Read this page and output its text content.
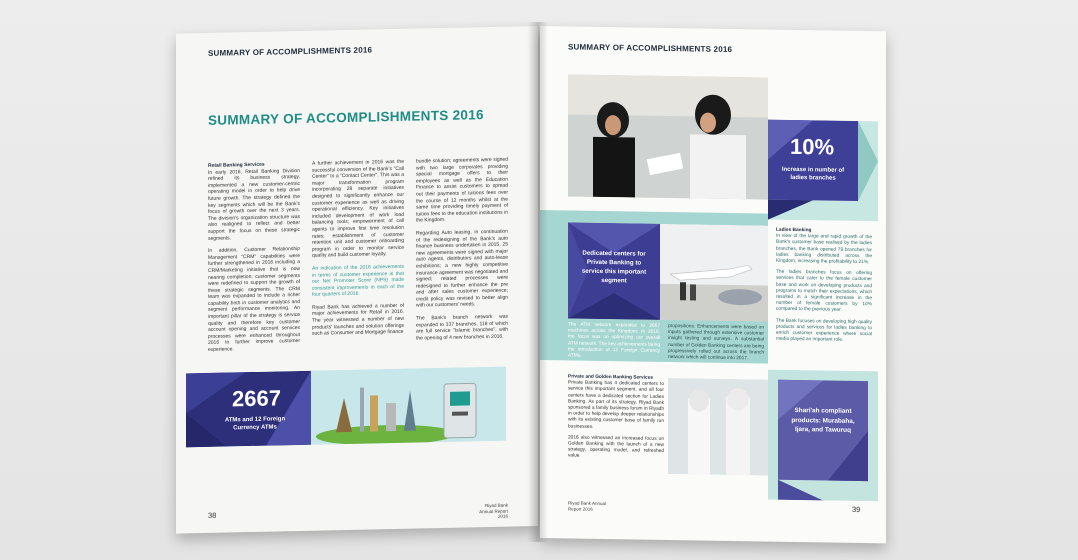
SUMMARY OF ACCOMPLISHMENTS 2016
SUMMARY OF ACCOMPLISHMENTS 2016
Retail Banking Services
In early 2016, Retail Banking Division refined its business strategy, implemented a new customer-centric operating model in order to help drive future growth. The strategy defined the key segments which will be the Bank's focus of growth over the next 3 years. The division's organization structure was also realigned to reflect and better support the focus on these strategic segments.
In addition, Customer Relationship Management "CRM" capabilities were further strengthened in 2016 including a CRM/Marketing initiative that is now nearing completion; customer segments were redefined to support the growth of these strategic segments. The CRM team was expanded to include a richer capability both in customer analytics and segment performance monitoring. An important pillar of the strategy is service quality and therefore key customer account opening and account services processes were enhanced throughout 2016 to further improve customer experience.
A further achievement in 2016 was the successful conversion of the Bank's "Call Center" to a "Contact Center". This was a major transformation program incorporating 28 separate initiatives designed to significantly enhance our customer experience as well as driving operational efficiency. Key initiatives included development of work load balancing tools; empowerment of call agents to improve first time resolution rates; establishment of customer retention unit and customer onboarding program in order to monitor service quality and build customer loyalty.
An indication of the 2016 achievements in terms of customer experience is that our Net Promoter Score (NPS) made consistent improvements in each of the four quarters of 2016.
Riyad Bank has achieved a number of major achievements for Retail in 2016. The year witnessed a number of new products' launches and solution offerings such as Consumer and Mortgage finance
bundle solution; agreements were signed with two large corporates providing special mortgage offers to their employees as well as the Education Finance to assist customers to spread out their payments of tuitions fees over the course of 12 months whilst at the same time providing timely payment of tuition fees to the education institutions in the Kingdom.
Regarding Auto leasing, in continuation of the redesigning of the Bank's auto finance business undertaken in 2015, 25 new agreements were signed with major auto agents, distributors and auto-lease exhibitions; a new highly competitive insurance agreement was negotiated and signed; related processes were redesigned to further enhance the pre and after sales customer experience; credit policy was revised to better align with our customers' needs.
The Bank's branch network was expanded to 337 branches, 118 of which are full service "Islamic branches", with the opening of 4 new branches in 2016.
2667
ATMs and 12 Foreign Currency ATMs
38
Riyad Bank Annual Report 2016
SUMMARY OF ACCOMPLISHMENTS 2016
10%
Increase in number of ladies branches
Dedicated centers for Private Banking to service this important segment
Ladies Banking
In view of the large and rapid growth of the Bank's customer base realised by the ladies branches, the Bank opened 79 branches for ladies banking distributed across the Kingdom, increasing the profitability to 21%.
The ladies branches focus on offering services that cater to the female customer base and work on developing products and programs to match their expectations, which resulted in a significant increase in the number of female customers by 10% compared to the previous year.
The Bank focuses on developing high quality products and services for ladies banking to enrich customer experience where social media played an important role.
The ATM network expanded to 2667 machines across the Kingdom. In 2016, the focus was on optimizing our overall ATM network. The key achievements being the introduction of 12 Foreign Currency ATMs.
propositions. Enhancements were based on inputs gathered through extensive customer insight testing and surveys. A substantial number of Golden Banking centers are being progressively rolled out across the branch network which will continue into 2017.
Private and Golden Banking Services
Private Banking has 4 dedicated centers to service this important segment, and all four centers have a dedicated section for Ladies Banking. As part of its strategy, Riyad Bank sponsored a family business forum in Riyadh in order to help develop deeper relationships with its existing customer base of family run businesses.
2016 also witnessed an increased focus on Golden Banking with the launch of a new strategy, operating model, and refreshed value
Shari'ah compliant products: Murabaha, Ijara, and Tawuruq
Riyad Bank Annual Report 2016	39
